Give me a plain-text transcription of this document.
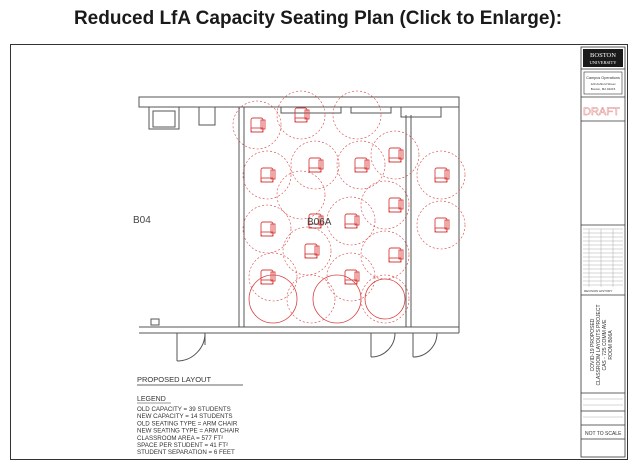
Reduced LfA Capacity Seating Plan (Click to Enlarge):
B04	B06A
PROPOSED LAYOUT
LEGEND
OLD CAPACITY = 39 STUDENTS
NEW CAPACITY = 14 STUDENTS
OLD SEATING TYPE = ARM CHAIR
NEW SEATING TYPE = ARM CHAIR
CLASSROOM AREA = 577 FT²
SPACE PER STUDENT = 41 FT²
STUDENT SEPARATION = 6 FEET
BOSTON
UNIVERSITY
Campus Operations
120 Ashford Street
Boston, MA 02215
DRAFT
REVISION HISTORY
COVID-19 PROPOSED CLASSROOM LAYOUTS PROJECT CAS - 725 COMM AVE ROOM B06A
NOT TO SCALE
